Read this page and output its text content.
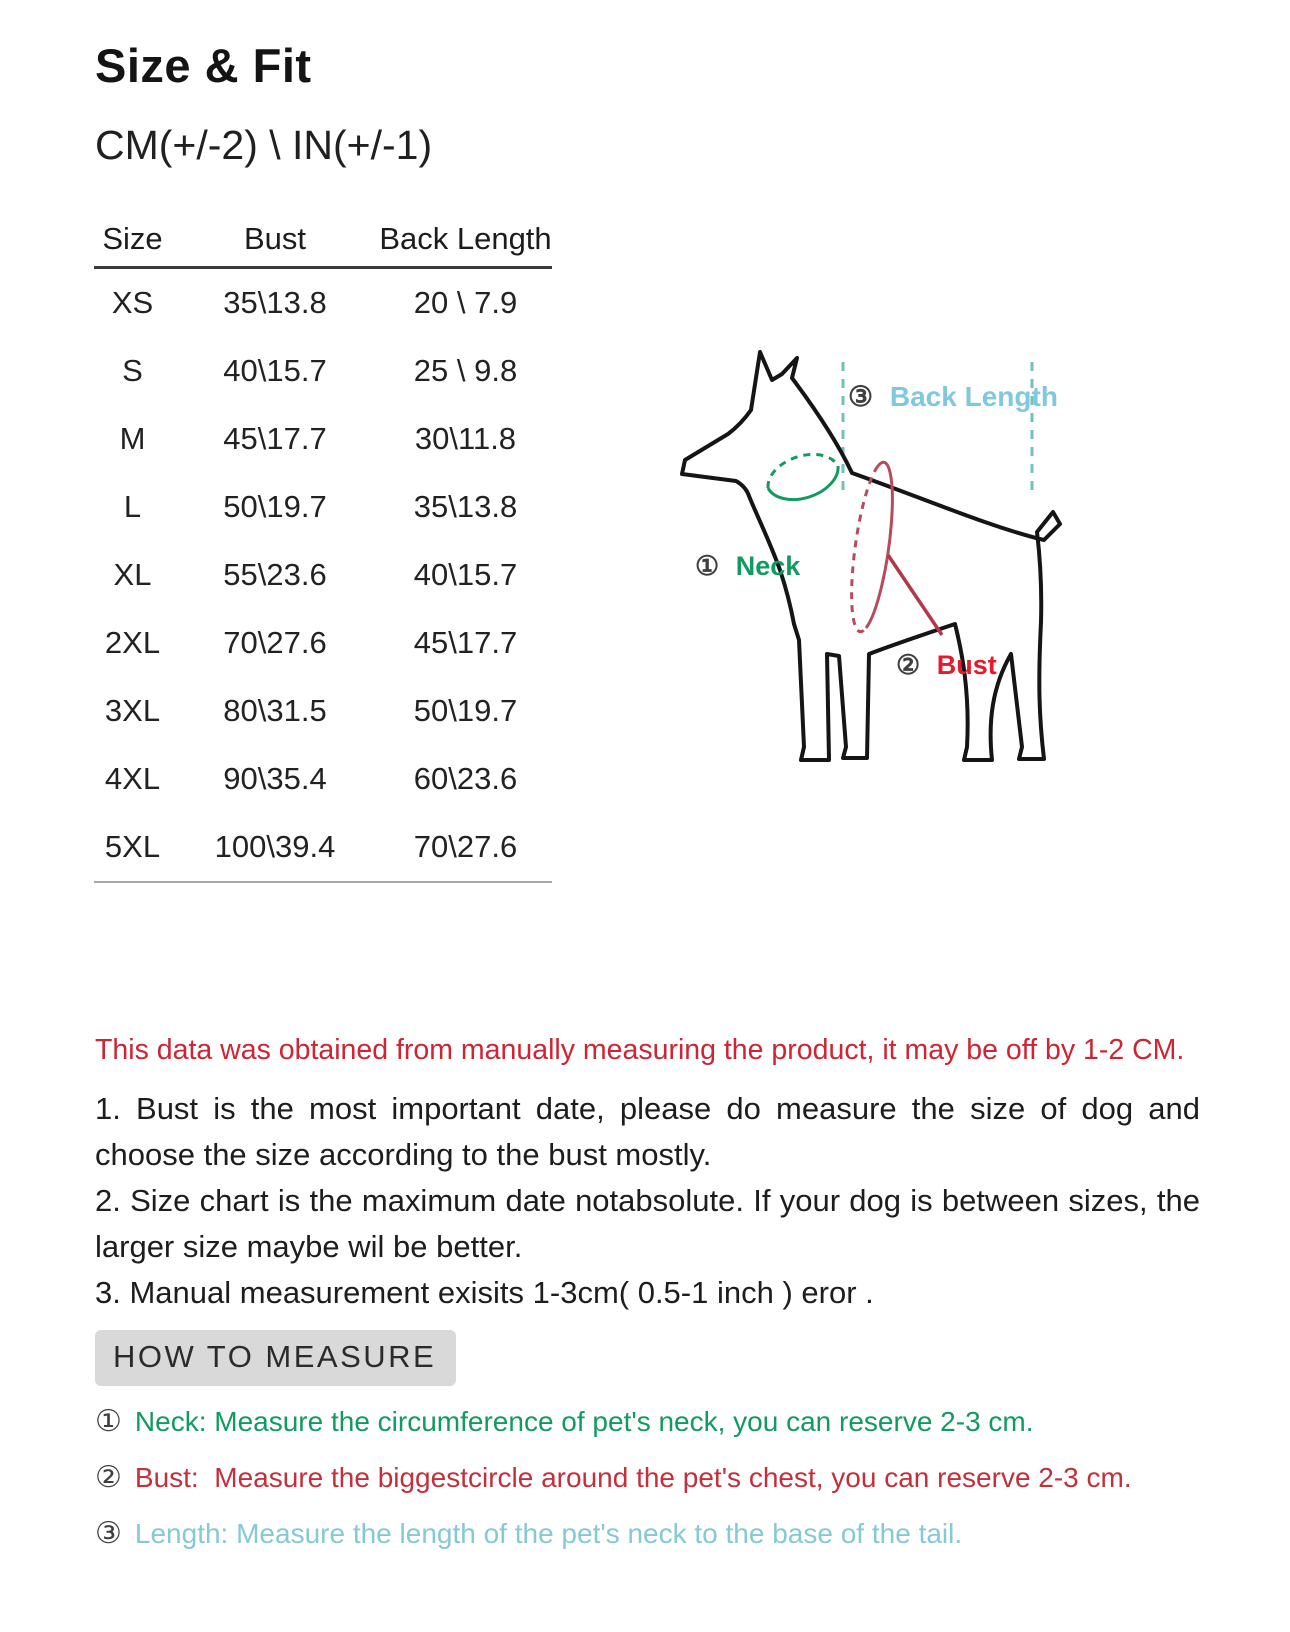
Size & Fit
CM(+/-2) \ IN(+/-1)
Size	Bust	Back Length
XS	35\13.8	20 \ 7.9
S	40\15.7	25 \ 9.8
M	45\17.7	30\11.8
L	50\19.7	35\13.8
XL	55\23.6	40\15.7
2XL	70\27.6	45\17.7
3XL	80\31.5	50\19.7
4XL	90\35.4	60\23.6
5XL	100\39.4	70\27.6
③ Back Length
① Neck
② Bust
This data was obtained from manually measuring the product, it may be off by 1-2 CM.

1. Bust is the most important date, please do measure the size of dog and choose the size according to the bust mostly.

2. Size chart is the maximum date notabsolute. If your dog is between sizes, the larger size maybe wil be better.

3. Manual measurement exisits 1-3cm( 0.5-1 inch ) eror .

HOW TO MEASURE
① Neck: Measure the circumference of pet's neck, you can reserve 2-3 cm.
② Bust:  Measure the biggestcircle around the pet's chest, you can reserve 2-3 cm.
③ Length: Measure the length of the pet's neck to the base of the tail.
